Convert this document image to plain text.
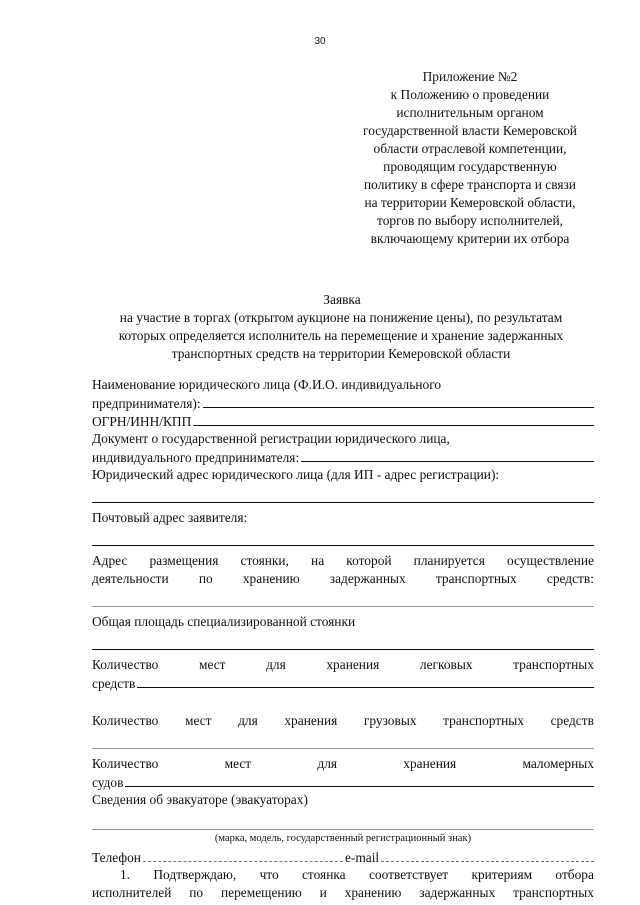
30
Приложение №2
к Положению о проведении
исполнительным органом
государственной власти Кемеровской
области отраслевой компетенции,
проводящим государственную
политику в сфере транспорта и связи
на территории Кемеровской области,
торгов по выбору исполнителей,
включающему критерии их отбора
Заявка
на участие в торгах (открытом аукционе на понижение цены), по результатам
которых определяется исполнитель на перемещение и хранение задержанных
транспортных средств на территории Кемеровской области
Наименование юридического лица (Ф.И.О. индивидуального
предпринимателя):
ОГРН/ИНН/КПП
Документ о государственной регистрации юридического лица,
индивидуального предпринимателя:
Юридический адрес юридического лица (для ИП - адрес регистрации):
Почтовый адрес заявителя:
Адрес размещения стоянки, на которой планируется осуществление
деятельности по хранению задержанных транспортных средств:
Общая площадь специализированной стоянки
Количество	мест	для	хранения	легковых	транспортных
средств
Количество мест для хранения грузовых транспортных средств
Количество	мест	для	хранения	маломерных
судов
Сведения об эвакуаторе (эвакуаторах)
(марка, модель, государственный регистрационный знак)
Телефон	e-mail
1. Подтверждаю, что стоянка соответствует критериям отбора
исполнителей по перемещению и хранению задержанных транспортных
